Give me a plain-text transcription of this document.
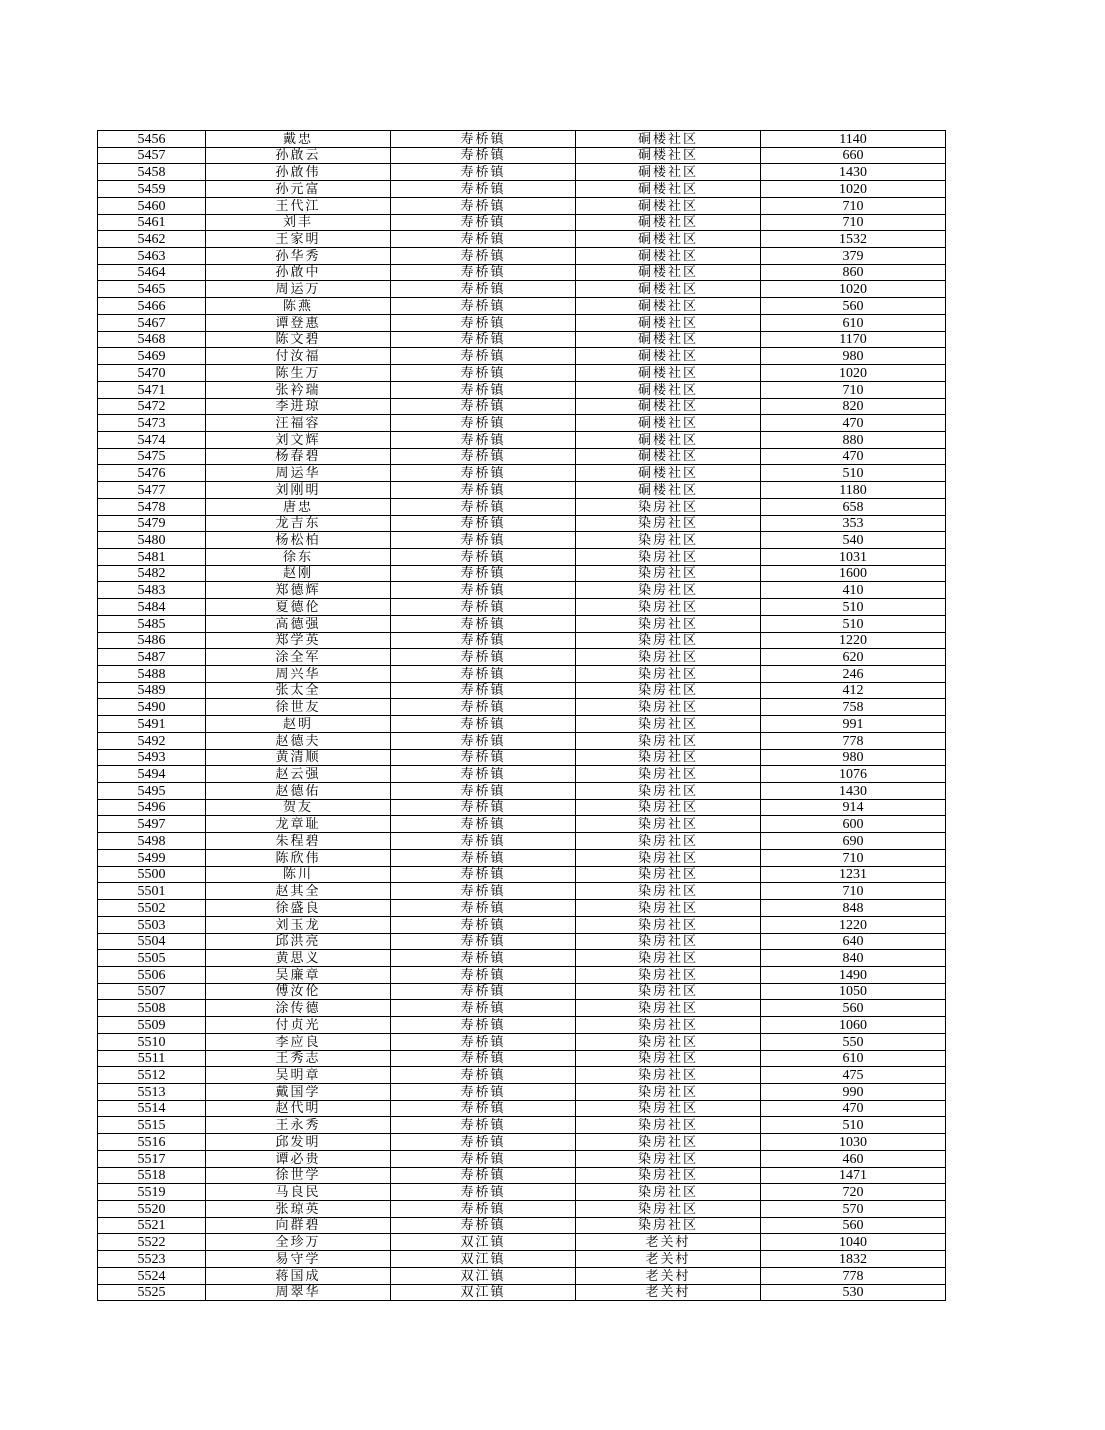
5456	戴忠	寿桥镇	硐楼社区	1140
5457	孙啟云	寿桥镇	硐楼社区	660
5458	孙啟伟	寿桥镇	硐楼社区	1430
5459	孙元富	寿桥镇	硐楼社区	1020
5460	王代江	寿桥镇	硐楼社区	710
5461	刘丰	寿桥镇	硐楼社区	710
5462	王家明	寿桥镇	硐楼社区	1532
5463	孙华秀	寿桥镇	硐楼社区	379
5464	孙啟中	寿桥镇	硐楼社区	860
5465	周运万	寿桥镇	硐楼社区	1020
5466	陈燕	寿桥镇	硐楼社区	560
5467	谭登惠	寿桥镇	硐楼社区	610
5468	陈文碧	寿桥镇	硐楼社区	1170
5469	付汝福	寿桥镇	硐楼社区	980
5470	陈生万	寿桥镇	硐楼社区	1020
5471	张衿瑞	寿桥镇	硐楼社区	710
5472	李进琼	寿桥镇	硐楼社区	820
5473	汪福容	寿桥镇	硐楼社区	470
5474	刘文辉	寿桥镇	硐楼社区	880
5475	杨春碧	寿桥镇	硐楼社区	470
5476	周运华	寿桥镇	硐楼社区	510
5477	刘刚明	寿桥镇	硐楼社区	1180
5478	唐忠	寿桥镇	染房社区	658
5479	龙吉东	寿桥镇	染房社区	353
5480	杨松柏	寿桥镇	染房社区	540
5481	徐东	寿桥镇	染房社区	1031
5482	赵刚	寿桥镇	染房社区	1600
5483	郑德辉	寿桥镇	染房社区	410
5484	夏德伦	寿桥镇	染房社区	510
5485	高德强	寿桥镇	染房社区	510
5486	郑学英	寿桥镇	染房社区	1220
5487	涂全军	寿桥镇	染房社区	620
5488	周兴华	寿桥镇	染房社区	246
5489	张太全	寿桥镇	染房社区	412
5490	徐世友	寿桥镇	染房社区	758
5491	赵明	寿桥镇	染房社区	991
5492	赵德夫	寿桥镇	染房社区	778
5493	黄清顺	寿桥镇	染房社区	980
5494	赵云强	寿桥镇	染房社区	1076
5495	赵德佑	寿桥镇	染房社区	1430
5496	贺友	寿桥镇	染房社区	914
5497	龙章耻	寿桥镇	染房社区	600
5498	朱程碧	寿桥镇	染房社区	690
5499	陈欣伟	寿桥镇	染房社区	710
5500	陈川	寿桥镇	染房社区	1231
5501	赵其全	寿桥镇	染房社区	710
5502	徐盛良	寿桥镇	染房社区	848
5503	刘玉龙	寿桥镇	染房社区	1220
5504	邱洪亮	寿桥镇	染房社区	640
5505	黄思义	寿桥镇	染房社区	840
5506	吴廉章	寿桥镇	染房社区	1490
5507	傅汝伦	寿桥镇	染房社区	1050
5508	涂传德	寿桥镇	染房社区	560
5509	付贞光	寿桥镇	染房社区	1060
5510	李应良	寿桥镇	染房社区	550
5511	王秀志	寿桥镇	染房社区	610
5512	吴明章	寿桥镇	染房社区	475
5513	戴国学	寿桥镇	染房社区	990
5514	赵代明	寿桥镇	染房社区	470
5515	王永秀	寿桥镇	染房社区	510
5516	邱发明	寿桥镇	染房社区	1030
5517	谭必贵	寿桥镇	染房社区	460
5518	徐世学	寿桥镇	染房社区	1471
5519	马良民	寿桥镇	染房社区	720
5520	张琼英	寿桥镇	染房社区	570
5521	向群碧	寿桥镇	染房社区	560
5522	全珍万	双江镇	老关村	1040
5523	易守学	双江镇	老关村	1832
5524	蒋国成	双江镇	老关村	778
5525	周翠华	双江镇	老关村	530
